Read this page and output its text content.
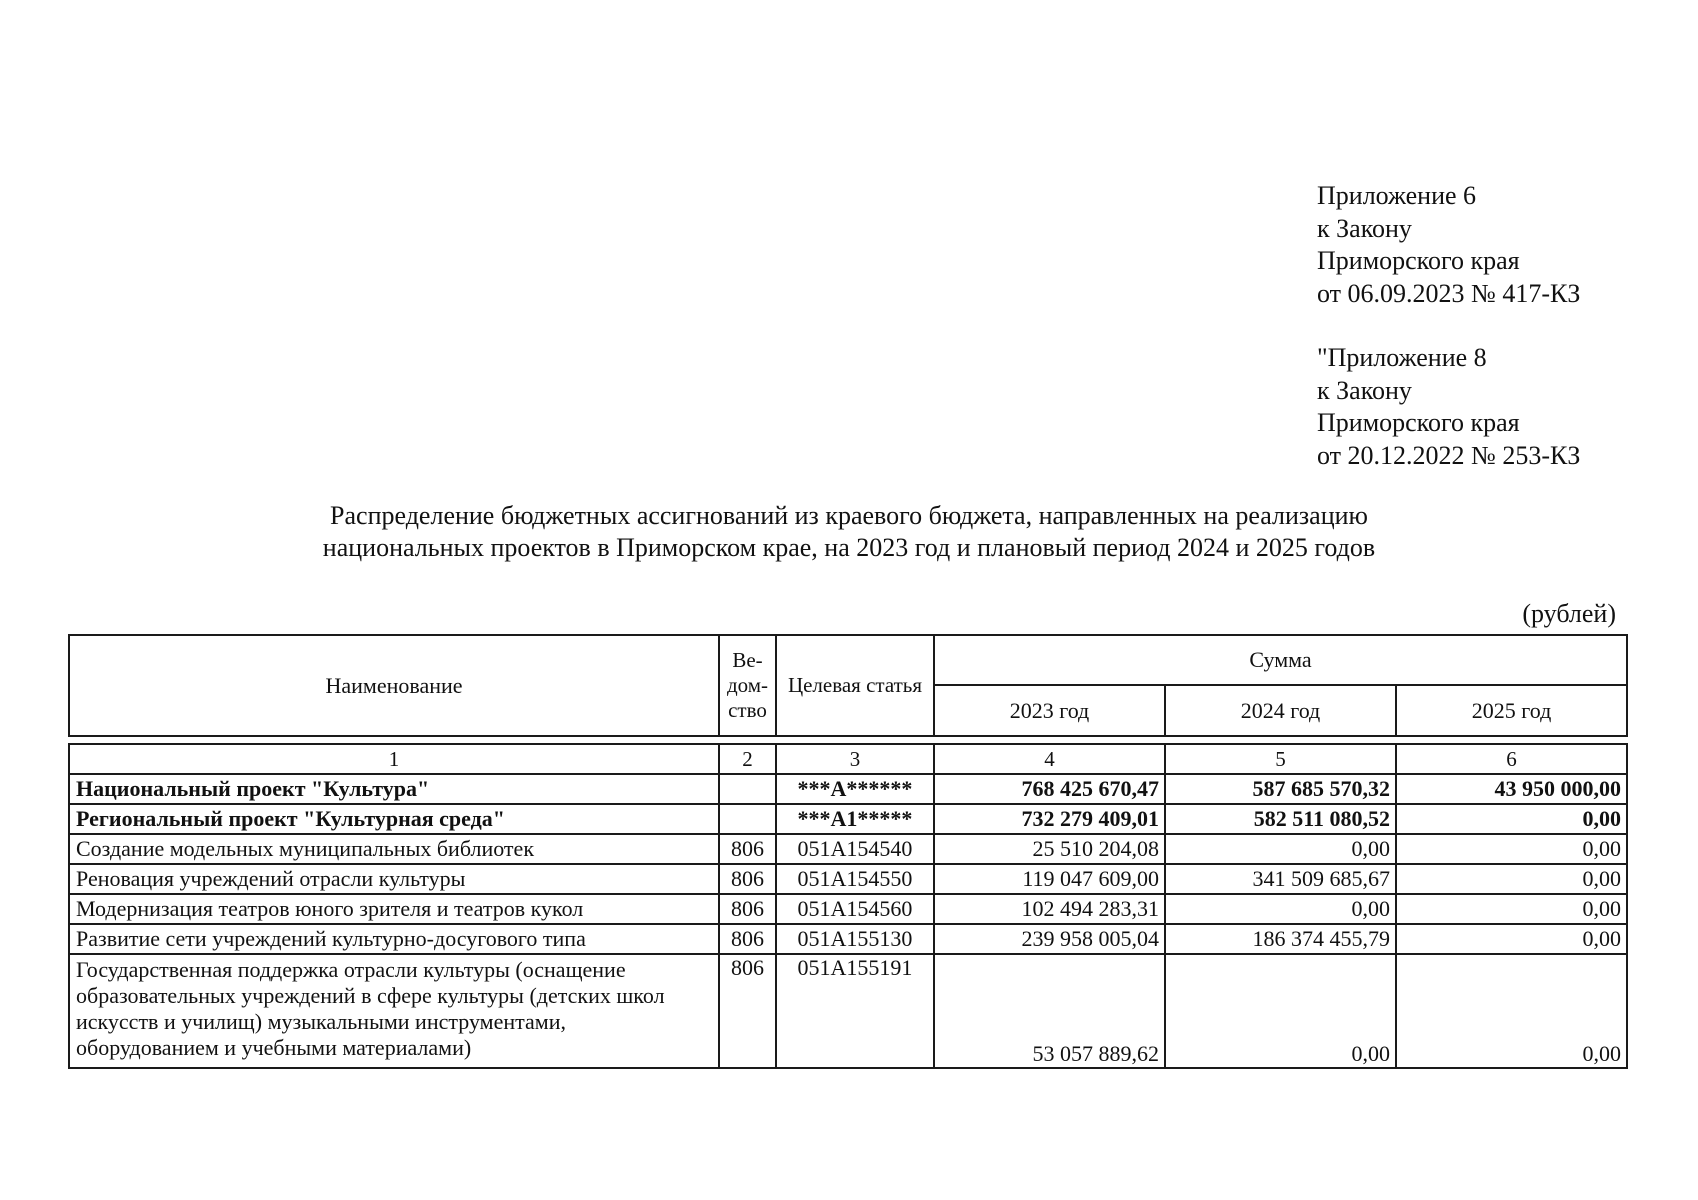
Приложение 6
к Закону
Приморского края
от 06.09.2023 № 417-КЗ
"Приложение 8
к Закону
Приморского края
от 20.12.2022 № 253-КЗ
Распределение бюджетных ассигнований из краевого бюджета, направленных на реализацию
национальных проектов в Приморском крае, на 2023 год и плановый период 2024 и 2025 годов
(рублей)
Наименование	Ве-дом-ство	Целевая статья	Сумма		
			2023 год	2024 год	2025 год
1	2	3	4	5	6
Национальный проект "Культура"		***А******	768 425 670,47	587 685 570,32	43 950 000,00
Региональный проект "Культурная среда"		***А1*****	732 279 409,01	582 511 080,52	0,00
Создание модельных муниципальных библиотек	806	051А154540	25 510 204,08	0,00	0,00
Реновация учреждений отрасли культуры	806	051А154550	119 047 609,00	341 509 685,67	0,00
Модернизация театров юного зрителя и театров кукол	806	051А154560	102 494 283,31	0,00	0,00
Развитие сети учреждений культурно-досугового типа	806	051А155130	239 958 005,04	186 374 455,79	0,00
Государственная поддержка отрасли культуры (оснащение образовательных учреждений в сфере культуры (детских школ искусств и училищ) музыкальными инструментами, оборудованием и учебными материалами)	806	051А155191	53 057 889,62	0,00	0,00
